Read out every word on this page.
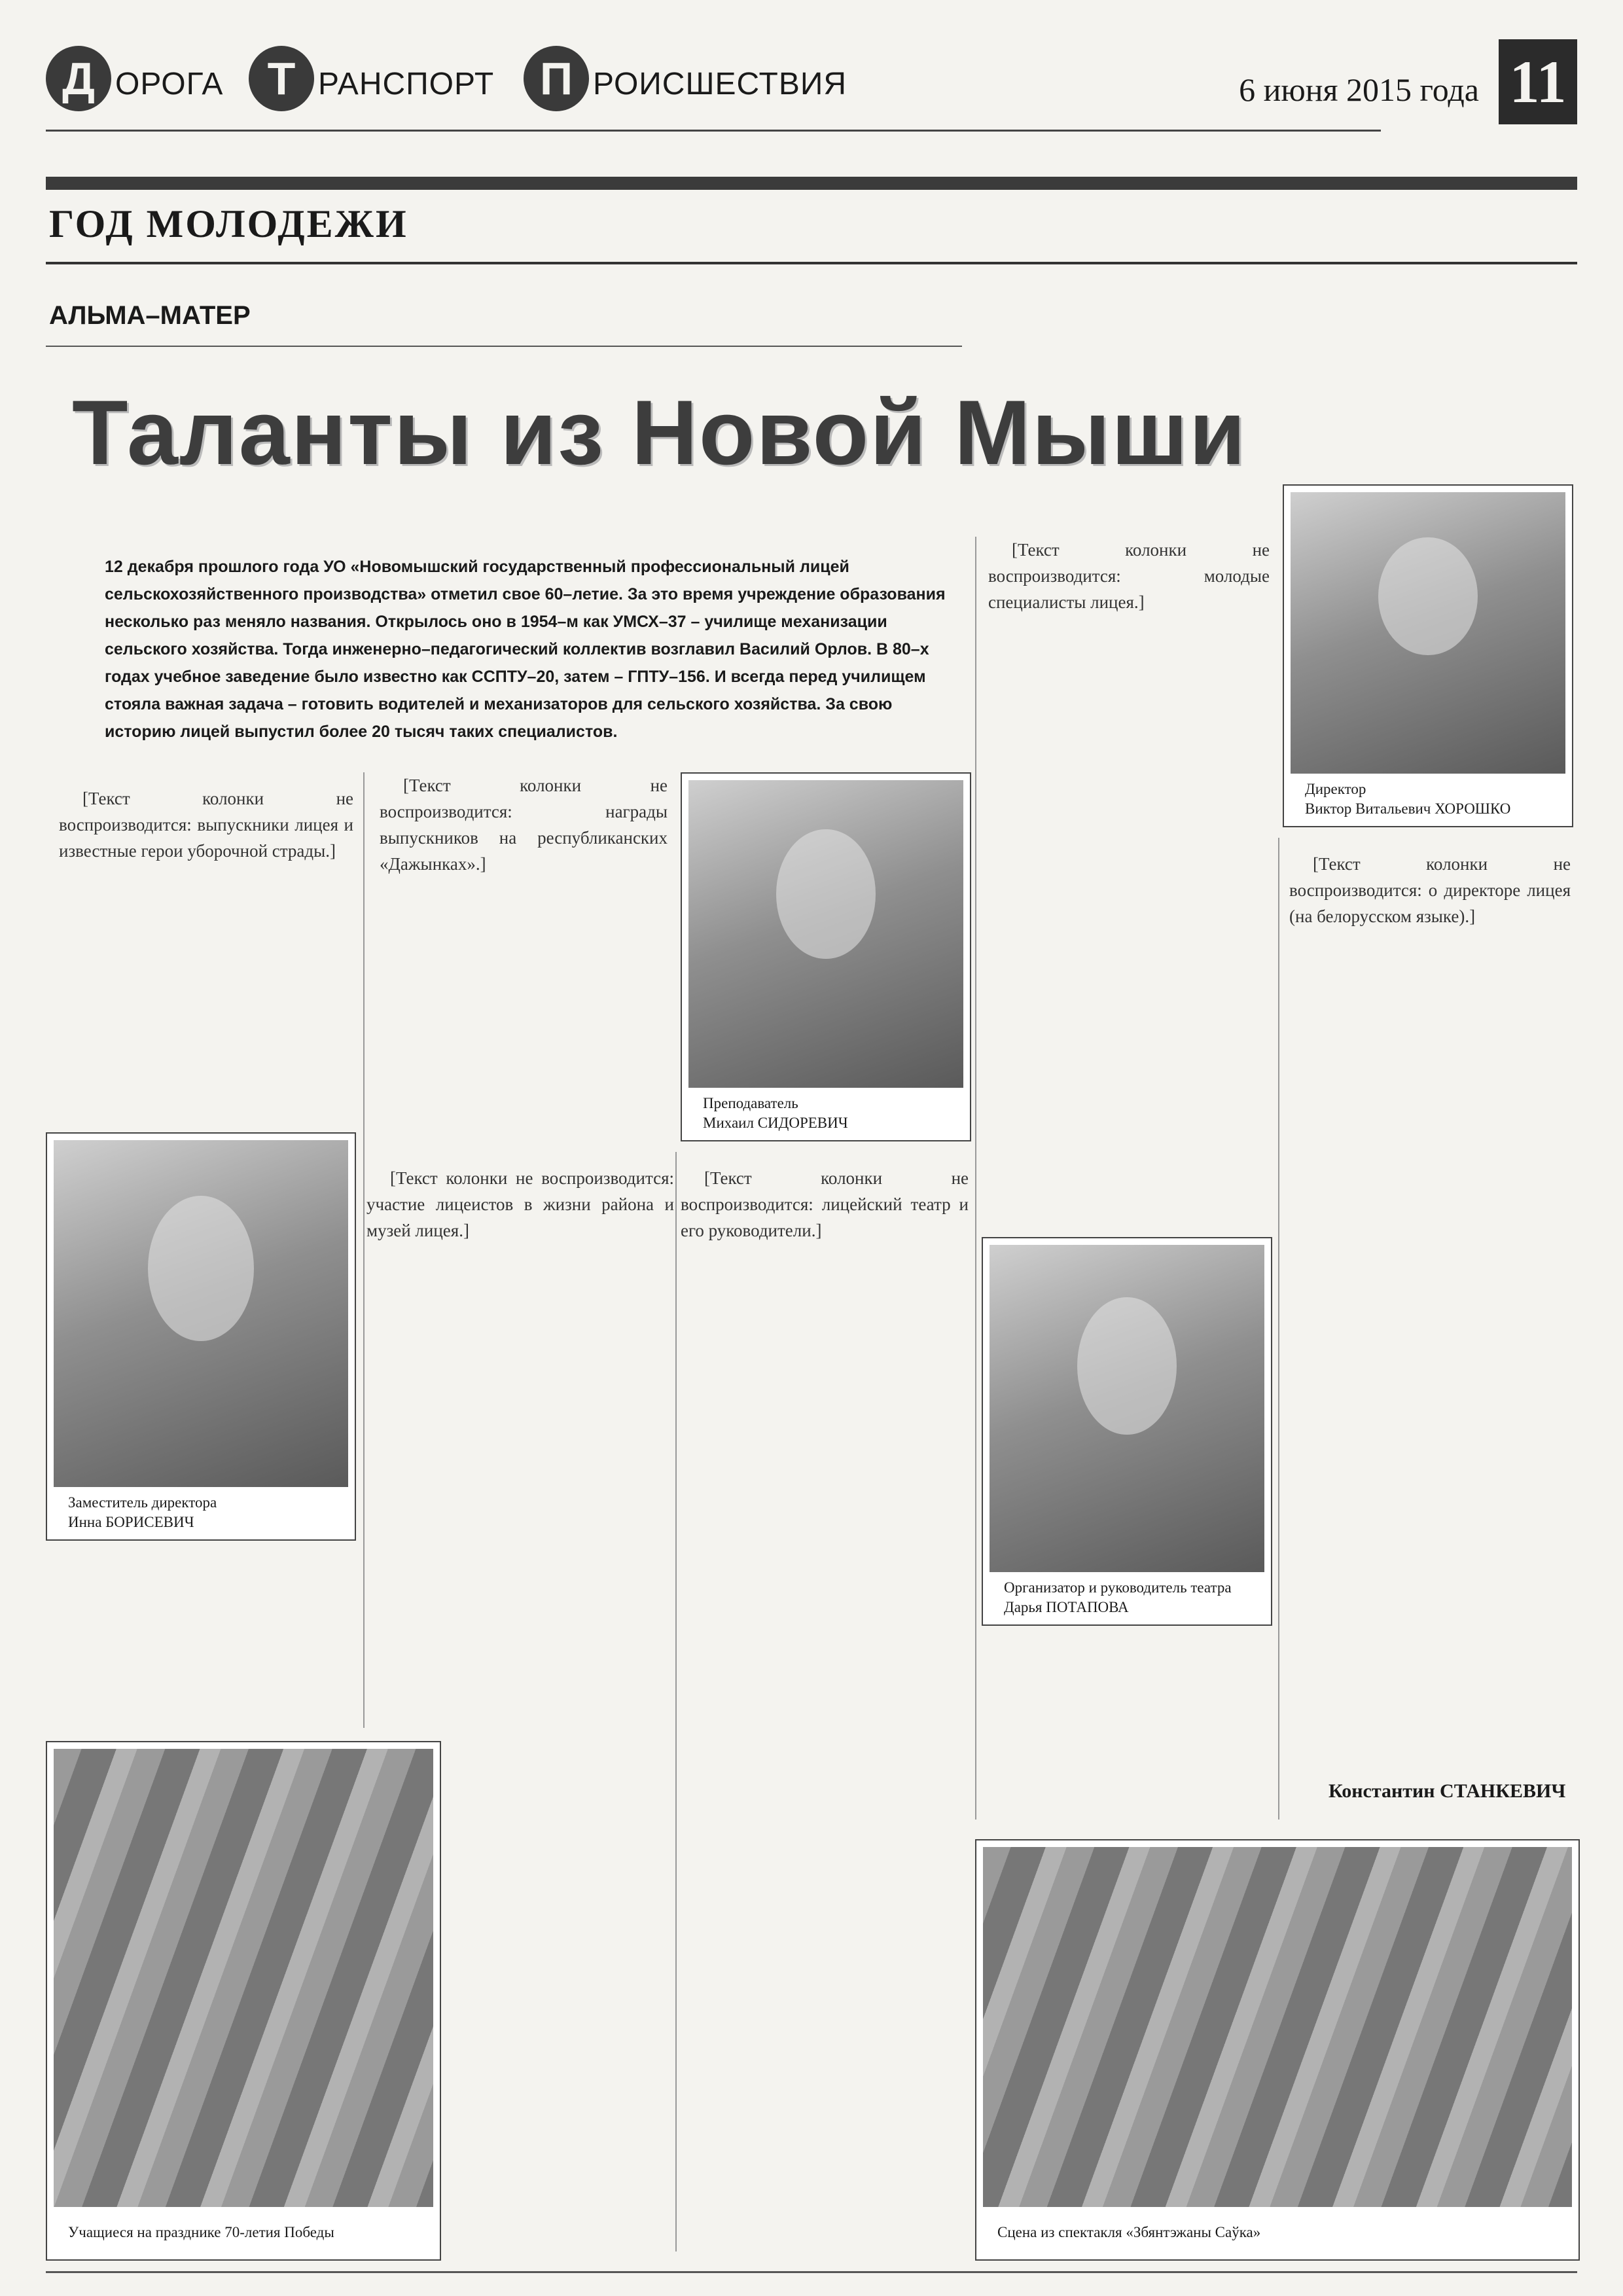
Д ОРОГА Т РАНСПОРТ П РОИСШЕСТВИЯ	6 июня 2015 года 11
ГОД МОЛОДЕЖИ
АЛЬМА–МАТЕР
Таланты из Новой Мыши
12 декабря прошлого года УО «Новомышский государственный профессиональный лицей сельскохозяйственного производства» отметил свое 60–летие. За это время учреждение образования несколько раз меняло названия. Открылось оно в 1954–м как УМСХ–37 – училище механизации сельского хозяйства. Тогда инженерно–педагогический коллектив возглавил Василий Орлов. В 80–х годах учебное заведение было известно как ССПТУ–20, затем – ГПТУ–156. И всегда перед училищем стояла важная задача – готовить водителей и механизаторов для сельского хозяйства. За свою историю лицей выпустил более 20 тысяч таких специалистов.
Директор
Виктор Витальевич ХОРОШКО
Преподаватель
Михаил СИДОРЕВИЧ
Заместитель директора
Инна БОРИСЕВИЧ
Организатор и руководитель театра
Дарья ПОТАПОВА
Учащиеся на празднике 70-летия Победы	Сцена из спектакля «Збянтэжаны Саўка»

[Текст колонки не воспроизводится: выпускники лицея и известные герои уборочной страды.]

[Текст колонки не воспроизводится: награды выпускников на республиканских «Дажынках».]

[Текст колонки не воспроизводится: участие лицеистов в жизни района и музей лицея.]

[Текст колонки не воспроизводится: лицейский театр и его руководители.]

[Текст колонки не воспроизводится: молодые специалисты лицея.]

[Текст колонки не воспроизводится: о директоре лицея (на белорусском языке).]

Константин СТАНКЕВИЧ
